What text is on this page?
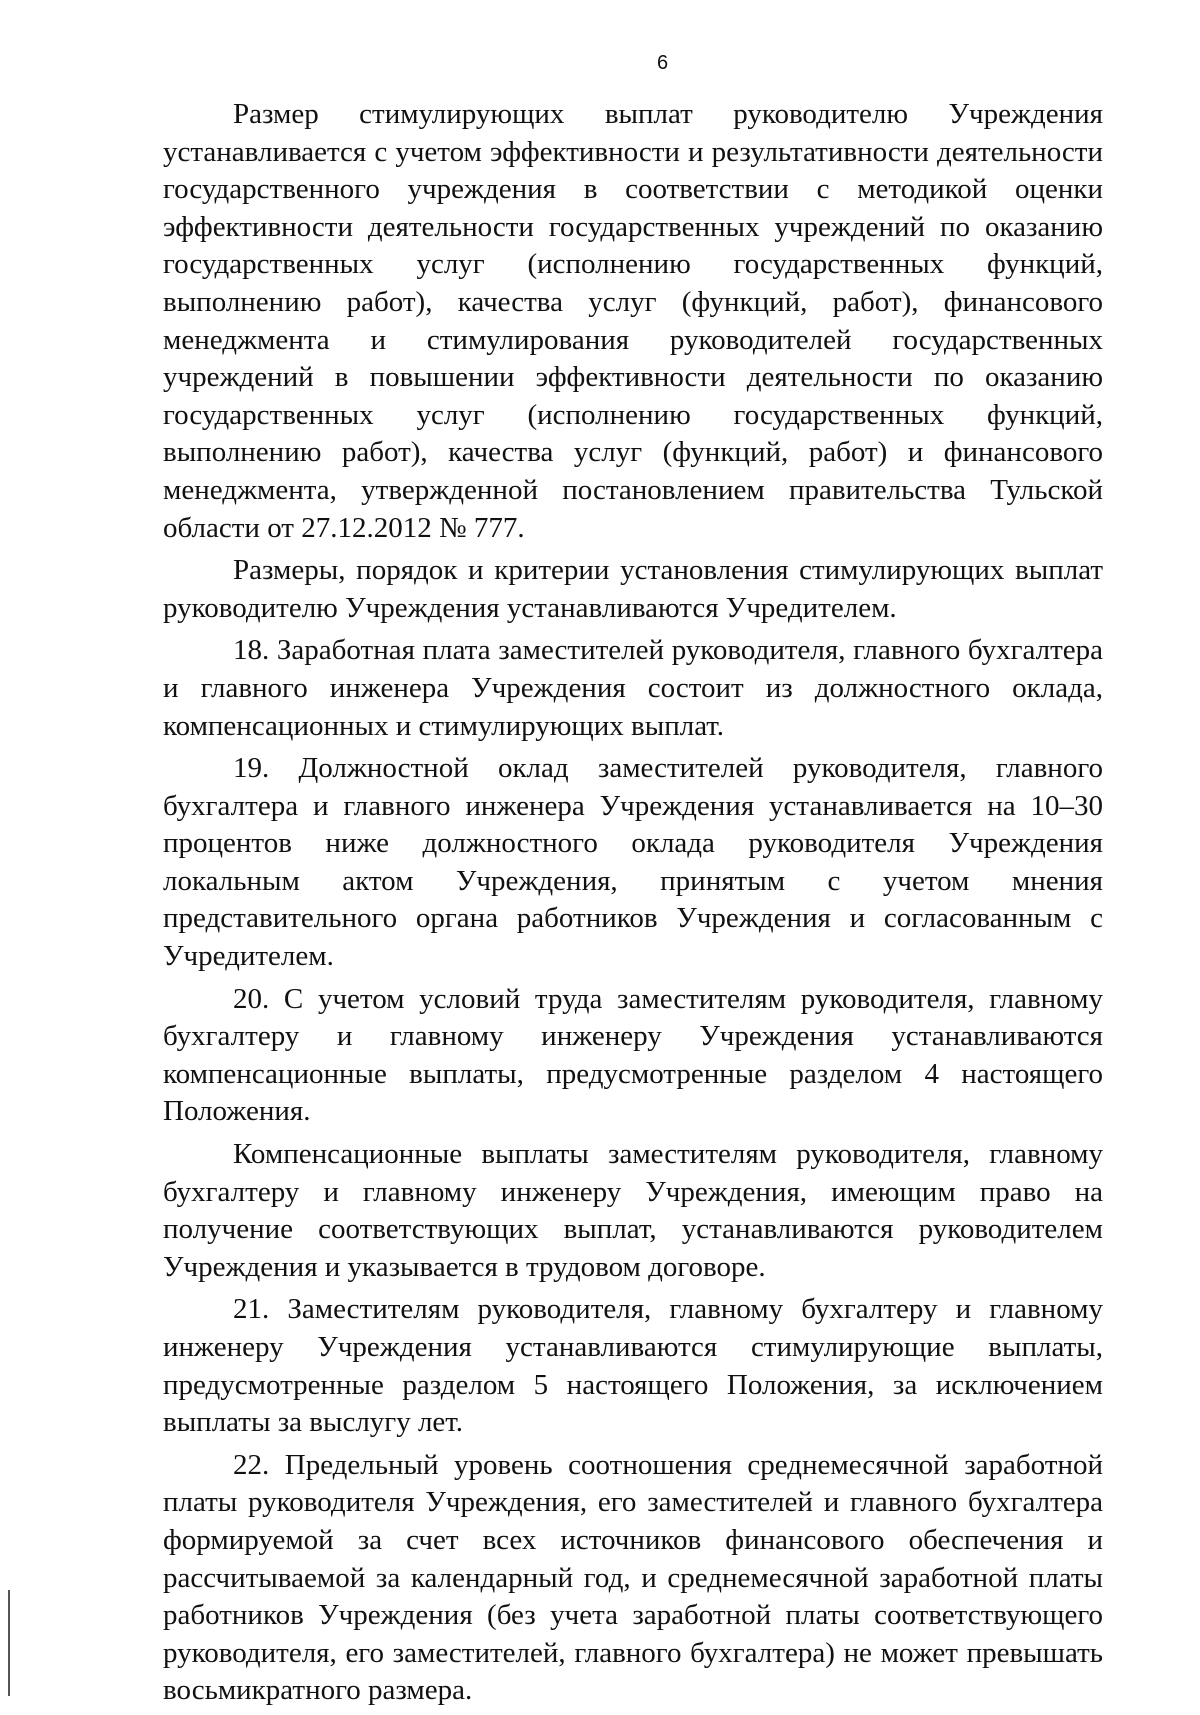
6

Размер стимулирующих выплат руководителю Учреждения устанавливается с учетом эффективности и результативности деятельности государственного учреждения в соответствии с методикой оценки эффективности деятельности государственных учреждений по оказанию государственных услуг (исполнению государственных функций, выполнению работ), качества услуг (функций, работ), финансового менеджмента и стимулирования руководителей государственных учреждений в повышении эффективности деятельности по оказанию государственных услуг (исполнению государственных функций, выполнению работ), качества услуг (функций, работ) и финансового менеджмента, утвержденной постановлением правительства Тульской области от 27.12.2012 № 777.

Размеры, порядок и критерии установления стимулирующих выплат руководителю Учреждения устанавливаются Учредителем.

18. Заработная плата заместителей руководителя, главного бухгалтера и главного инженера Учреждения состоит из должностного оклада, компенсационных и стимулирующих выплат.

19. Должностной оклад заместителей руководителя, главного бухгалтера и главного инженера Учреждения устанавливается на 10–30 процентов ниже должностного оклада руководителя Учреждения локальным актом Учреждения, принятым с учетом мнения представительного органа работников Учреждения и согласованным с Учредителем.

20. С учетом условий труда заместителям руководителя, главному бухгалтеру и главному инженеру Учреждения устанавливаются компенсационные выплаты, предусмотренные разделом 4 настоящего Положения.

Компенсационные выплаты заместителям руководителя, главному бухгалтеру и главному инженеру Учреждения, имеющим право на получение соответствующих выплат, устанавливаются руководителем Учреждения и указывается в трудовом договоре.

21. Заместителям руководителя, главному бухгалтеру и главному инженеру Учреждения устанавливаются стимулирующие выплаты, предусмотренные разделом 5 настоящего Положения, за исключением выплаты за выслугу лет.

22. Предельный уровень соотношения среднемесячной заработной платы руководителя Учреждения, его заместителей и главного бухгалтера формируемой за счет всех источников финансового обеспечения и рассчитываемой за календарный год, и среднемесячной заработной платы работников Учреждения (без учета заработной платы соответствующего руководителя, его заместителей, главного бухгалтера) не может превышать восьмикратного размера.
